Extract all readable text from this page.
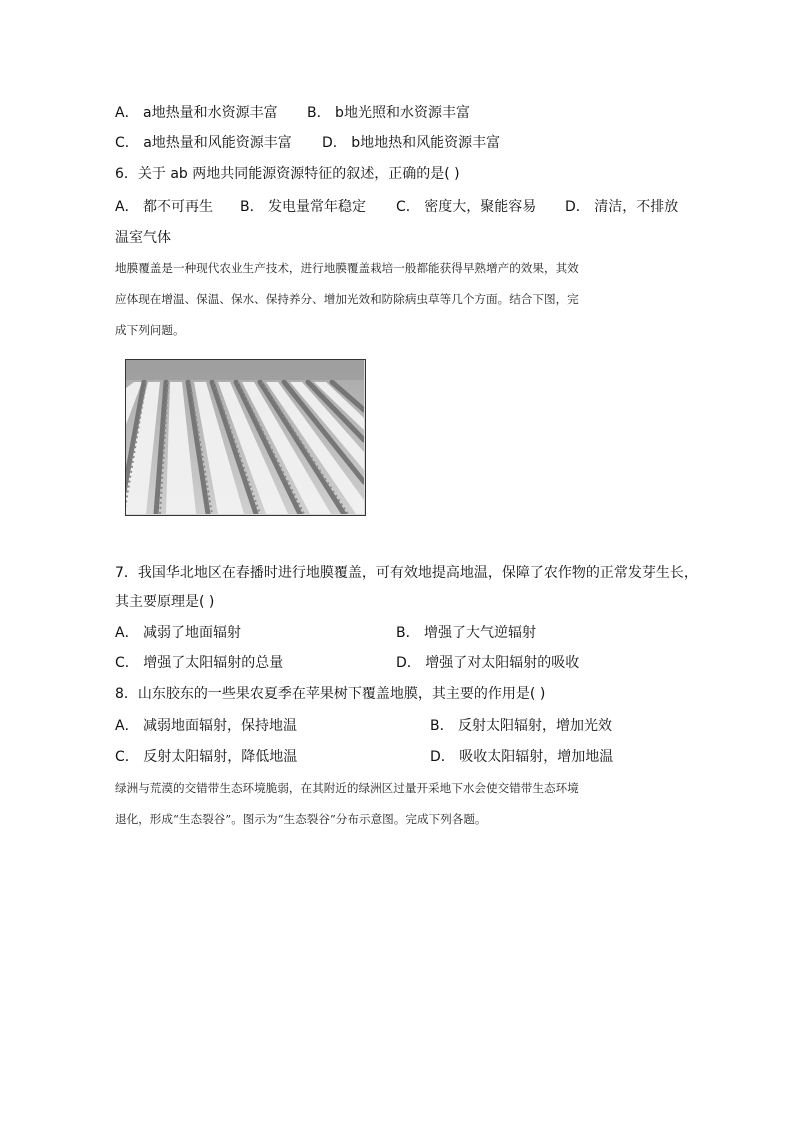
A． a地热量和水资源丰富 B． b地光照和水资源丰富
C． a地热量和风能资源丰富 D． b地地热和风能资源丰富
6．关于 ab 两地共同能源资源特征的叙述，正确的是( )
A． 都不可再生 B． 发电量常年稳定 C． 密度大，聚能容易 D． 清洁，不排放
温室气体
地膜覆盖是一种现代农业生产技术，进行地膜覆盖栽培一般都能获得早熟增产的效果，其效
应体现在增温、保温、保水、保持养分、增加光效和防除病虫草等几个方面。结合下图，完
成下列问题。
7．我国华北地区在春播时进行地膜覆盖，可有效地提高地温，保障了农作物的正常发芽生长，
其主要原理是( )
A． 减弱了地面辐射	B． 增强了大气逆辐射
C． 增强了太阳辐射的总量	D． 增强了对太阳辐射的吸收
8．山东胶东的一些果农夏季在苹果树下覆盖地膜，其主要的作用是( )
A． 减弱地面辐射，保持地温	B． 反射太阳辐射，增加光效
C． 反射太阳辐射，降低地温	D． 吸收太阳辐射，增加地温
绿洲与荒漠的交错带生态环境脆弱，在其附近的绿洲区过量开采地下水会使交错带生态环境
退化，形成“生态裂谷”。图示为“生态裂谷”分布示意图。完成下列各题。
